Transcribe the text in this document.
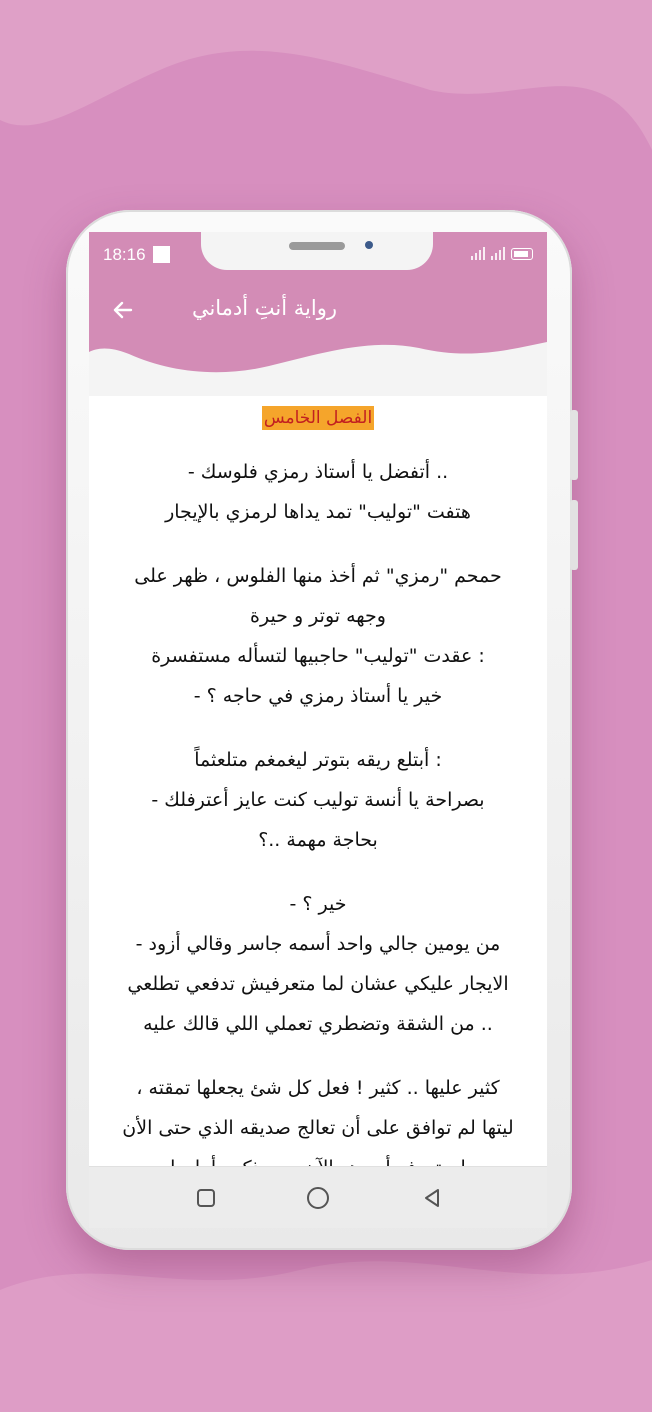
18:16
رواية أنتِ أدماني
الفصل الخامس

.. أتفضل يا أستاذ رمزي فلوسك -

هتفت "توليب" تمد يداها لرمزي بالإيجار

حمحم "رمزي" ثم أخذ منها الفلوس ، ظهر على

وجهه توتر و حيرة

: عقدت "توليب" حاجبيها لتسأله مستفسرة

خير يا أستاذ رمزي في حاجه ؟ -

: أبتلع ريقه بتوتر ليغمغم متلعثماً

بصراحة يا أنسة توليب كنت عايز أعترفلك -

بحاجة مهمة ..؟

خير ؟ -

من يومين جالي واحد أسمه جاسر وقالي أزود -

الايجار عليكي عشان لما متعرفيش تدفعي تطلعي

.. من الشقة وتضطري تعملي اللي قالك عليه

كثير عليها .. كثير ! فعل كل شئ يجعلها تمقته ،

ليتها لم توافق على أن تعالج صديقه الذي حتى الأن
